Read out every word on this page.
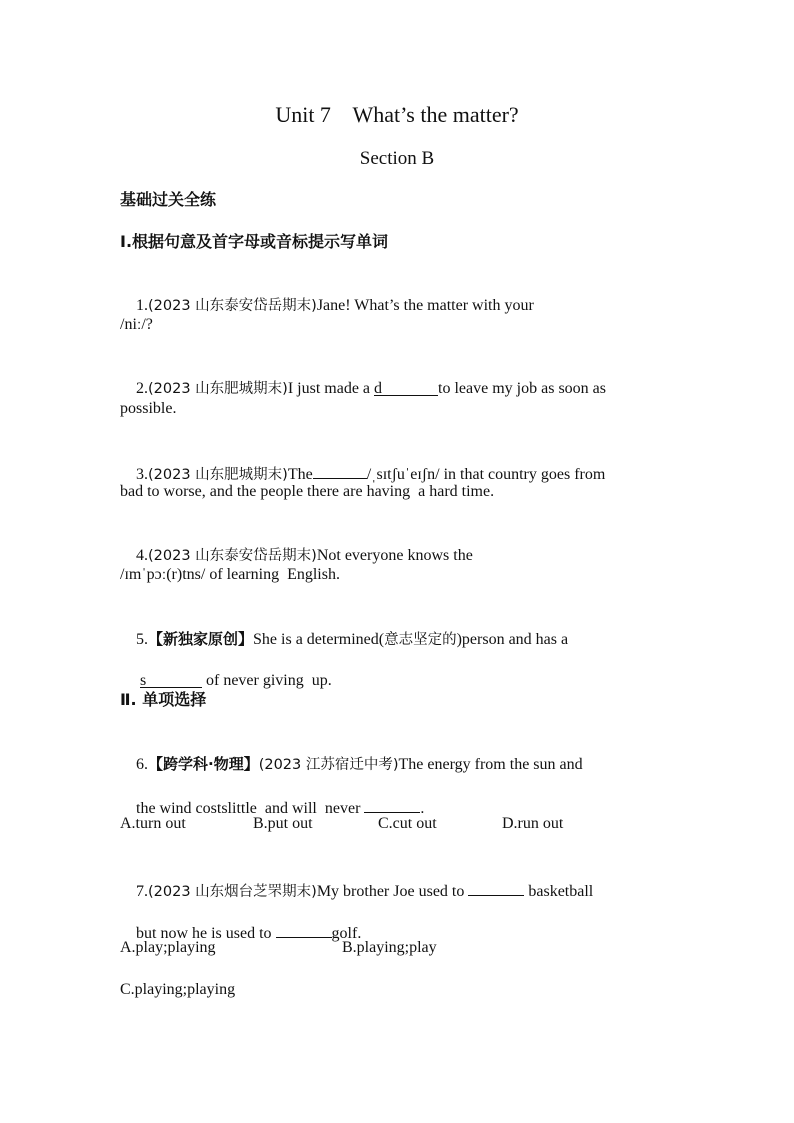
Unit 7    What’s the matter?
Section B
基础过关全练
Ⅰ.根据句意及首字母或音标提示写单词

1.(2023 山东泰安岱岳期末)Jane! What’s the matter with your

/niː/?

2.(2023 山东肥城期末)I just made a d	to leave my job as soon as

possible.

3.(2023 山东肥城期末)The	/ˌsɪtʃuˈeɪʃn/ in that country goes from

bad to worse, and the people there are having  a hard time.

4.(2023 山东泰安岱岳期末)Not everyone knows the

/ɪmˈpɔː(r)tns/ of learning  English.

5.【新独家原创】She is a determined(意志坚定的)person and has a

s	of never giving  up.

Ⅱ. 单项选择

6.【跨学科·物理】(2023 江苏宿迁中考)The energy from the sun and

the wind costslittle  and will  never	.

A.turn out	B.put out	C.cut out	D.run out

7.(2023 山东烟台芝罘期末)My brother Joe used to	basketball

but now he is used to	golf.

A.play;playing	B.playing;play
C.playing;playing
